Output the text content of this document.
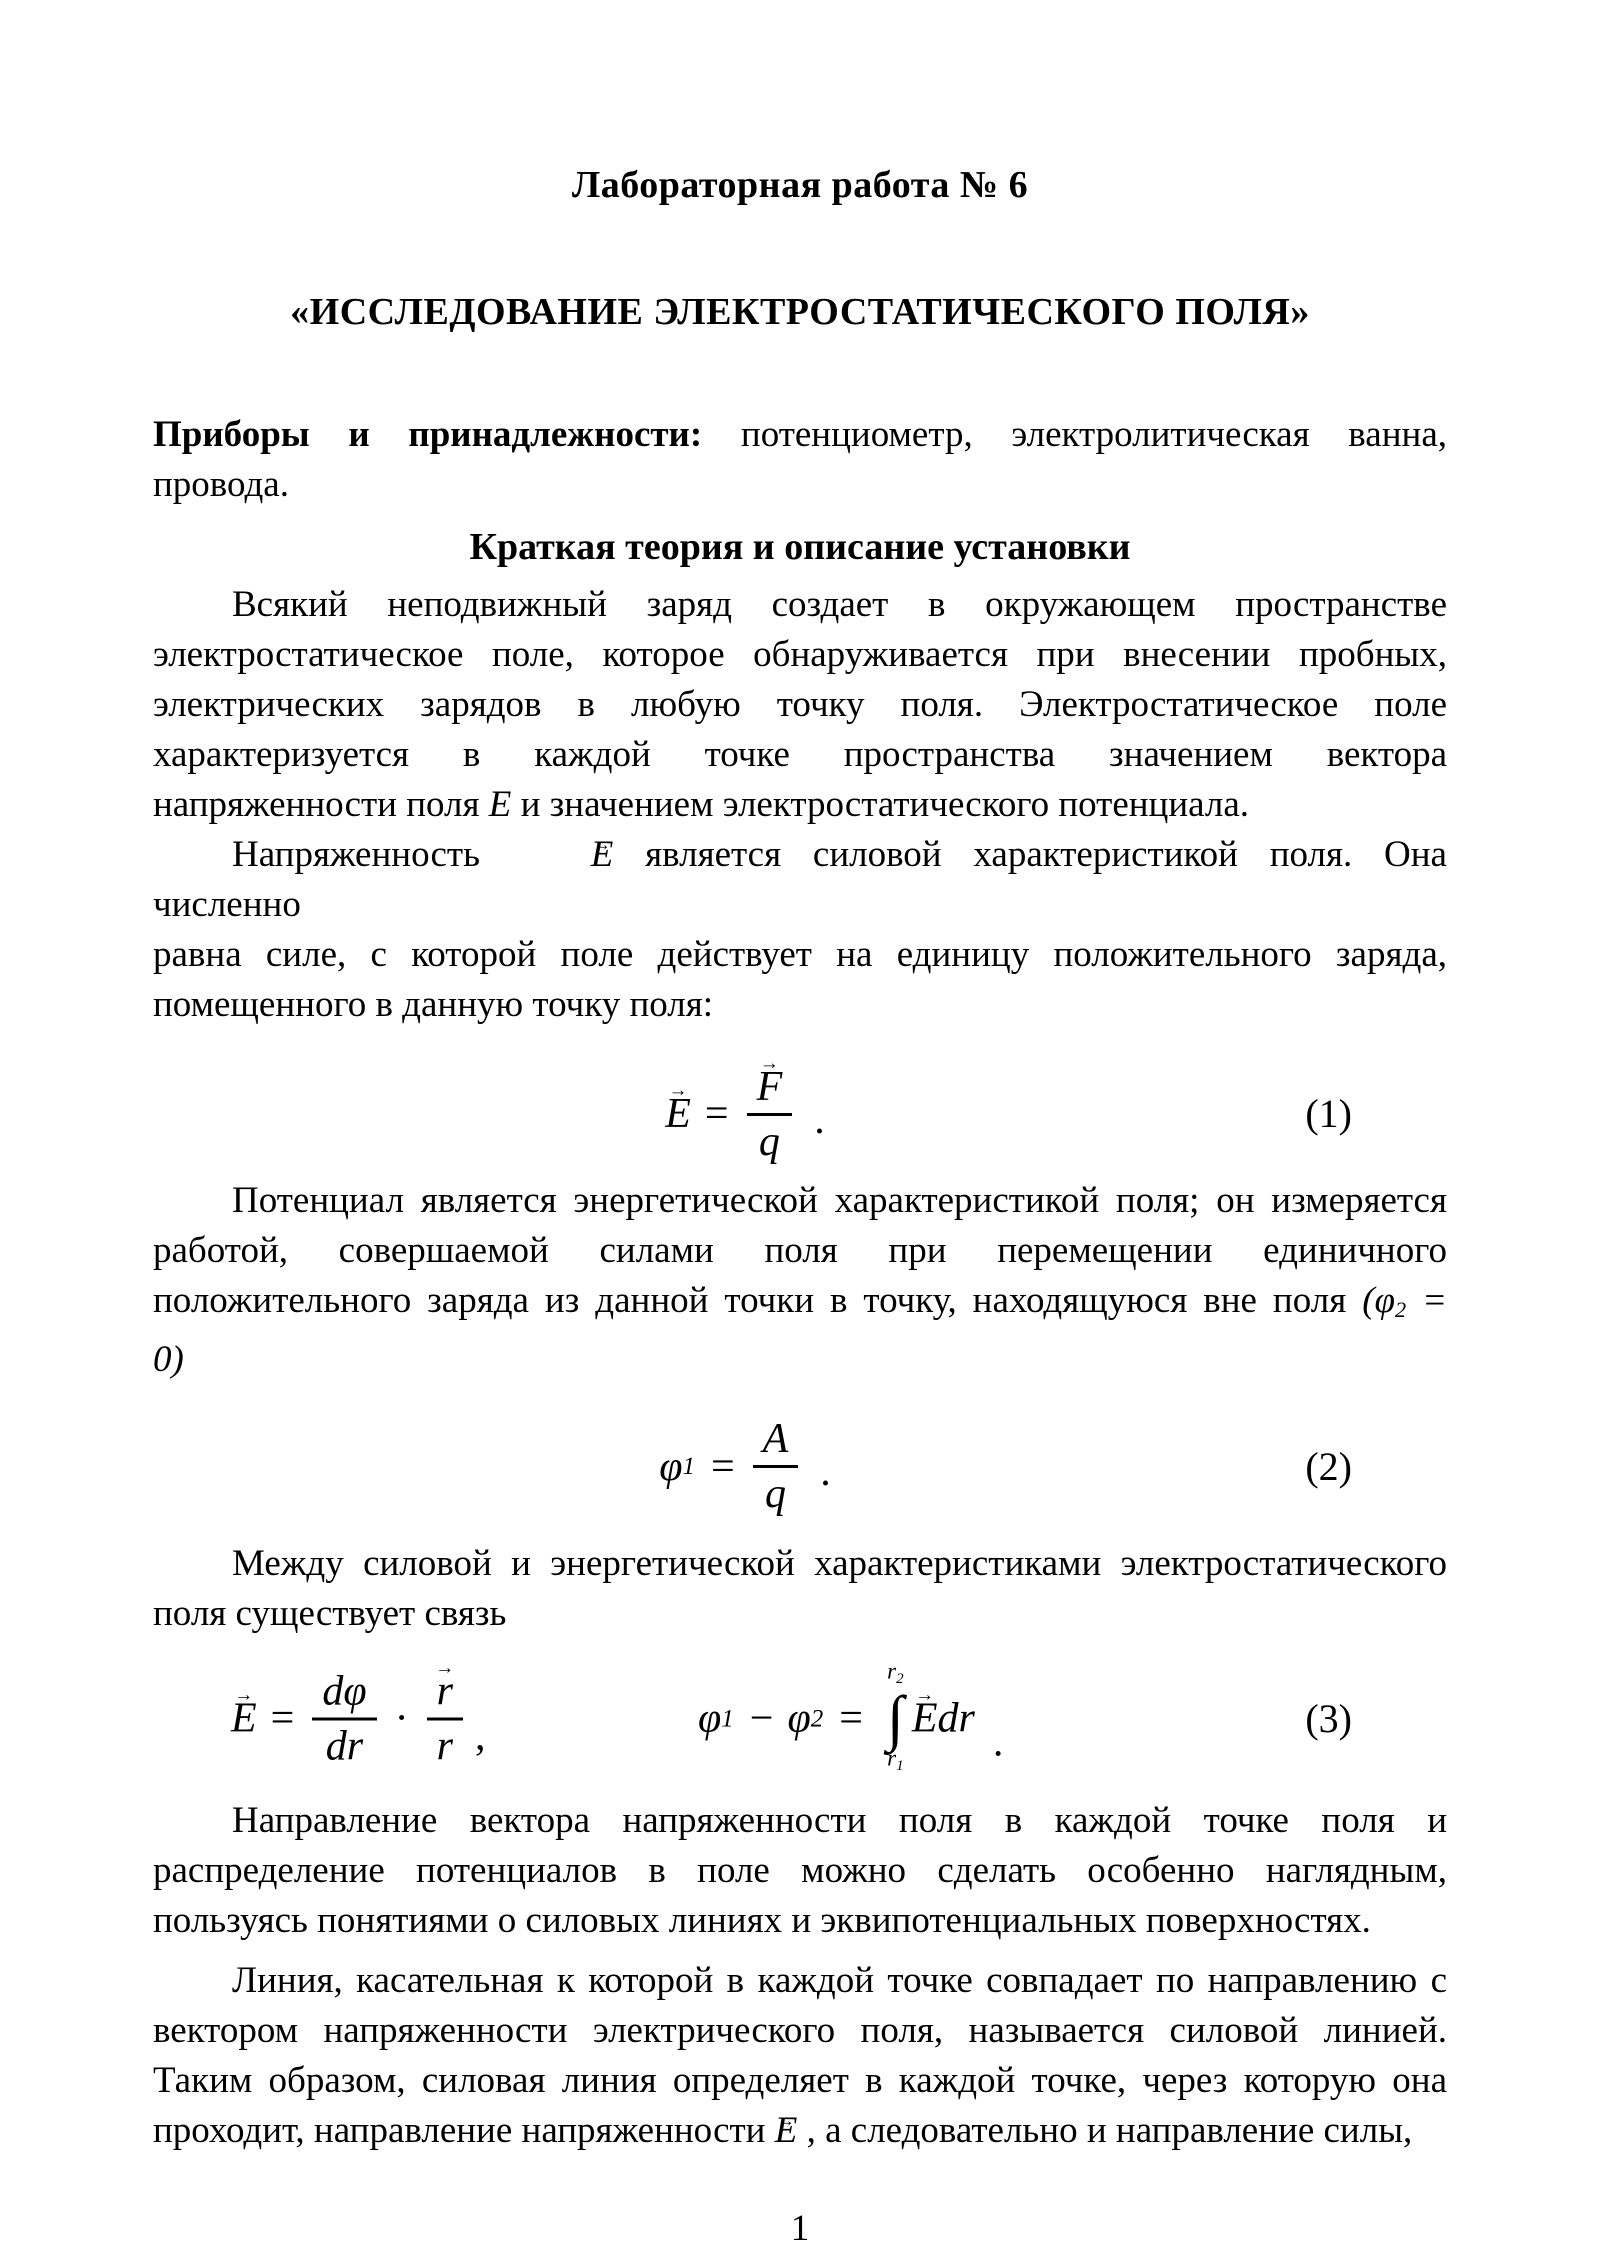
Лабораторная работа № 6
«ИССЛЕДОВАНИЕ ЭЛЕКТРОСТАТИЧЕСКОГО ПОЛЯ»
Приборы и принадлежности: потенциометр, электролитическая ванна,
провода.
Краткая теория и описание установки
Всякий неподвижный заряд создает в окружающем пространстве
электростатическое поле, которое обнаруживается при внесении пробных,
электрических зарядов в любую точку поля. Электростатическое поле
характеризуется в каждой точке пространства значением вектора
напряженности поля E и значением электростатического потенциала.
Напряженность E → является силовой характеристикой поля. Она численно
равна силе, с которой поле действует на единицу положительного заряда,
помещенного в данную точку поля:
E → = $\frac{F \to}{q}$ .	(1)
Потенциал является энергетической характеристикой поля; он измеряется
работой, совершаемой силами поля при перемещении единичного
положительного заряда из данной точки в точку, находящуюся вне поля (φ2 =
0)
φ $1 = \frac{A}{q}$ .	(2)
Между силовой и энергетической характеристиками электростатического
поля существует связь
E → = $\frac{d\varphi}{dr} \cdot \frac{r \to}{r}$ ,	φ 1 − φ 2 =
r2
∫
r1
E → dr
.
(3)
Направление вектора напряженности поля в каждой точке поля и
распределение потенциалов в поле можно сделать особенно наглядным,
пользуясь понятиями о силовых линиях и эквипотенциальных поверхностях.
Линия, касательная к которой в каждой точке совпадает по направлению с
вектором напряженности электрического поля, называется силовой линией.
Таким образом, силовая линия определяет в каждой точке, через которую она
проходит, направление напряженности E → , а следовательно и направление силы,
1
